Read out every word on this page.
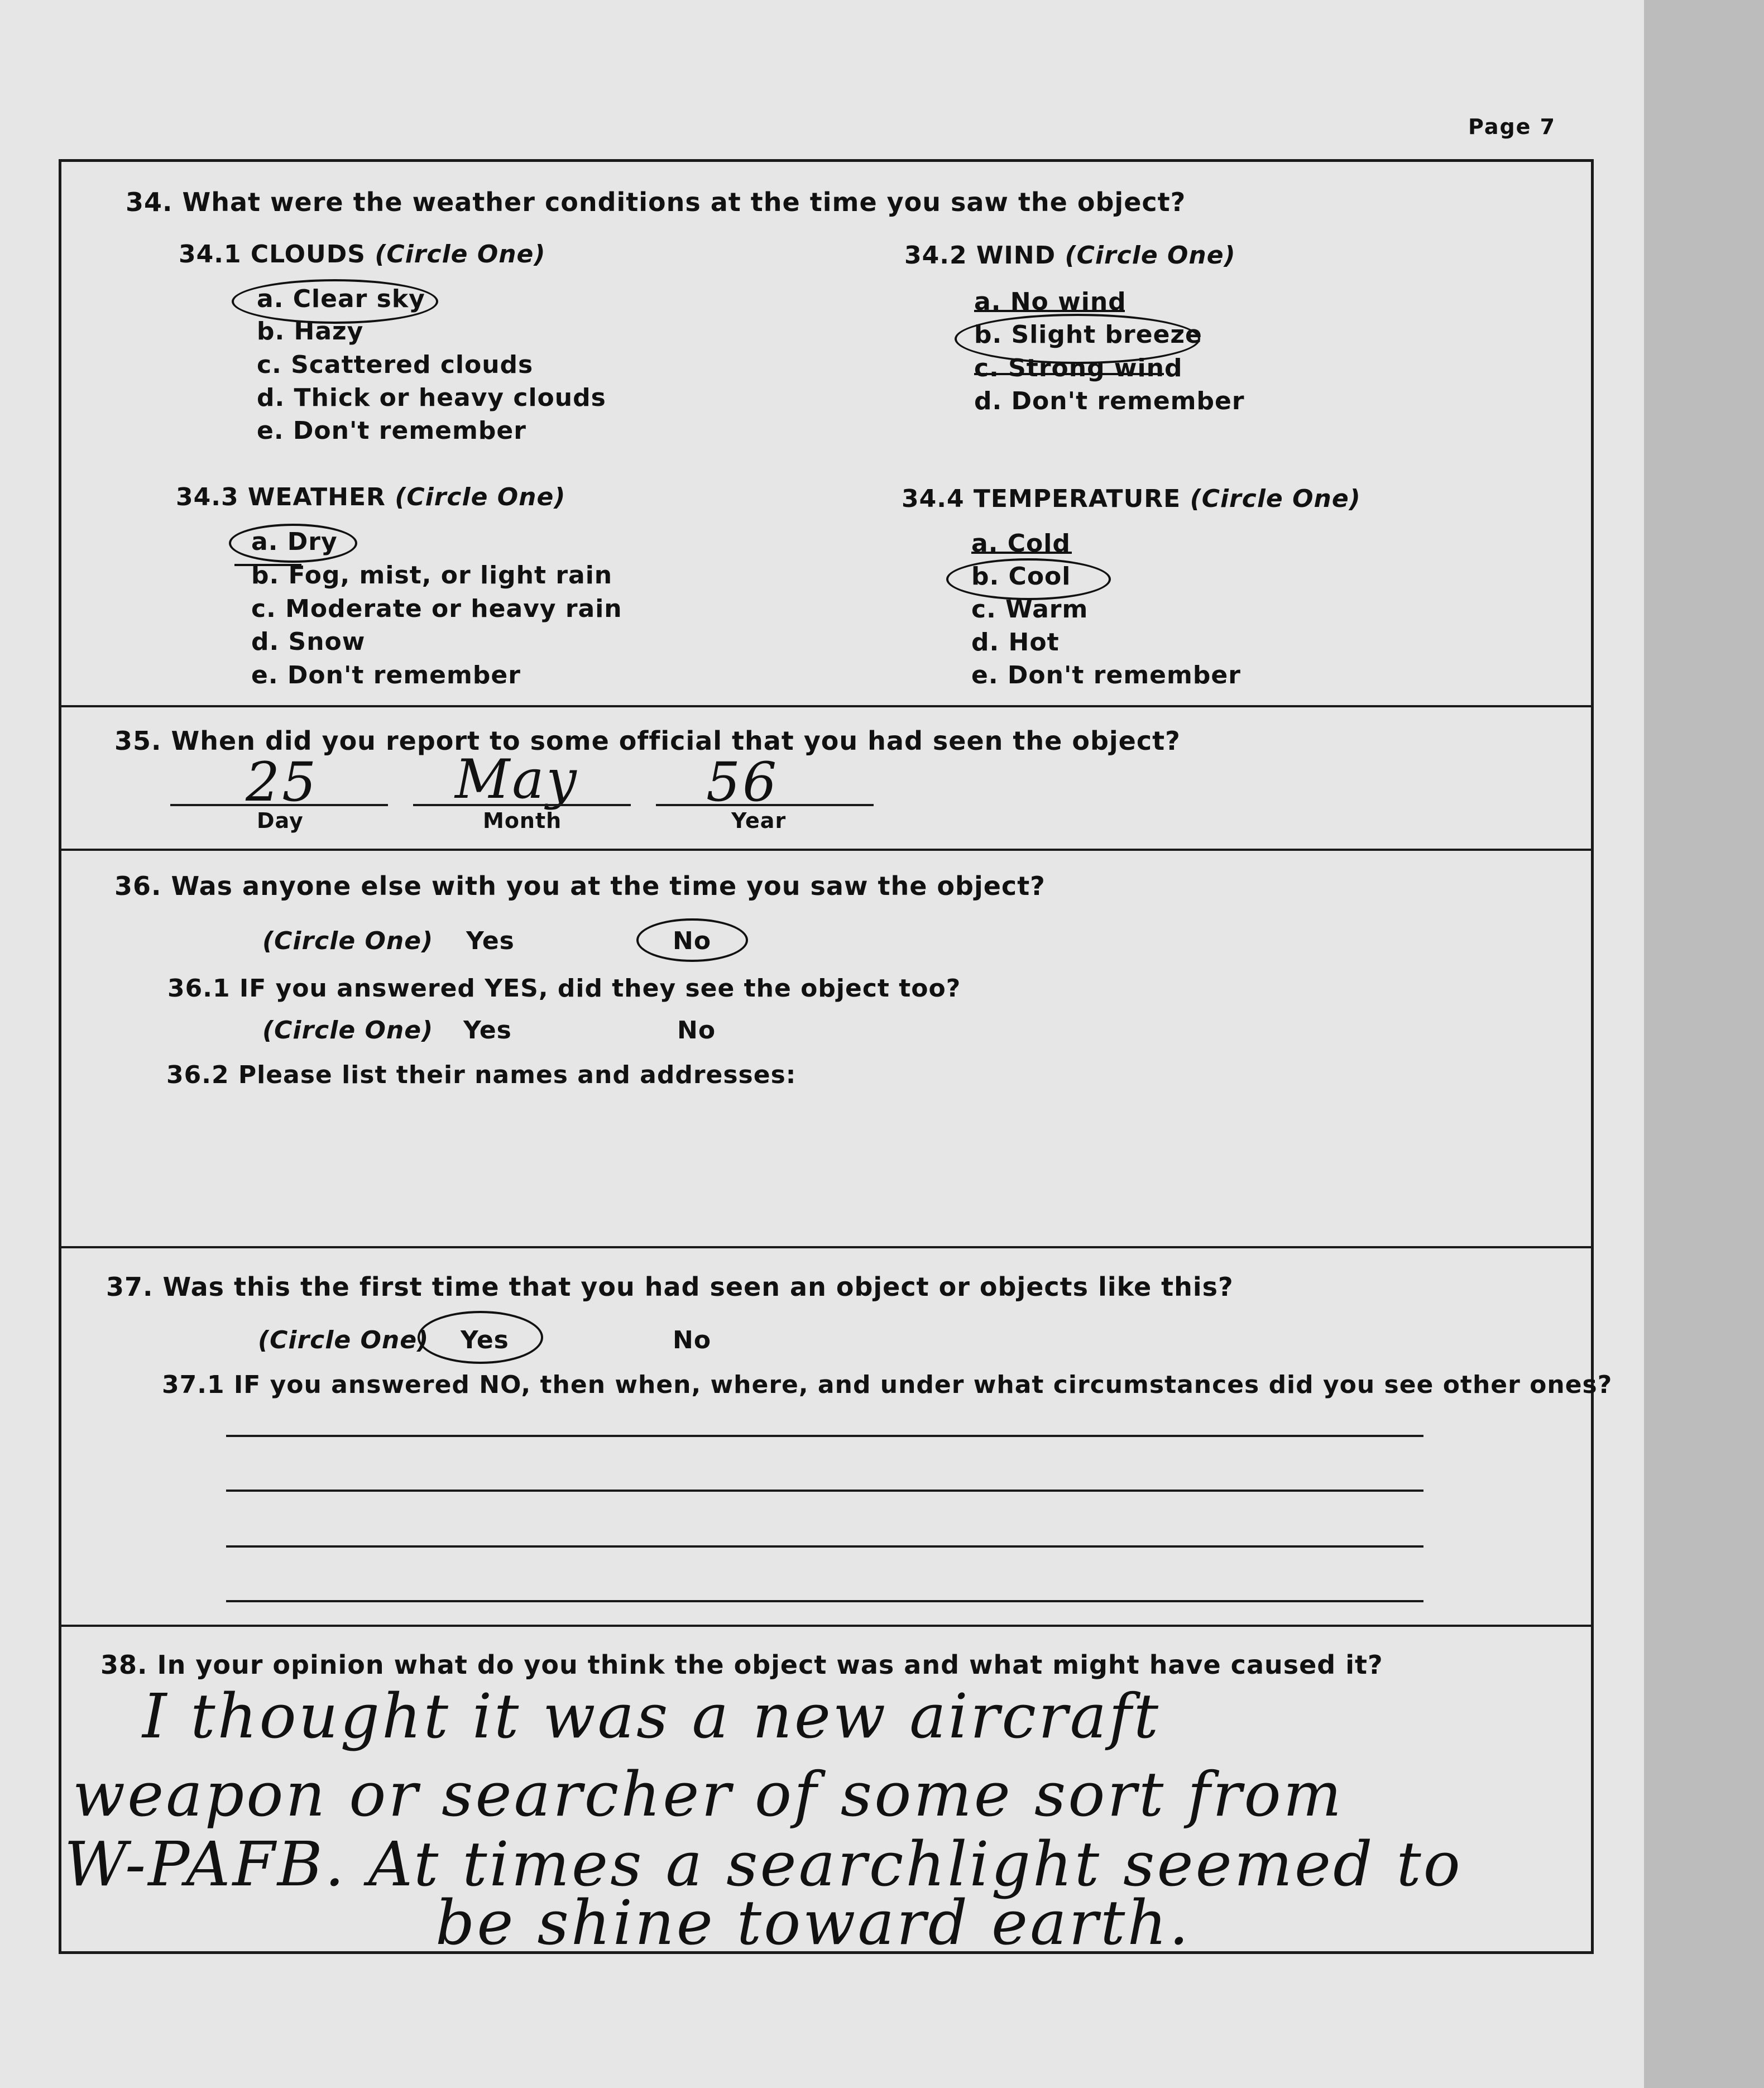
Page 7
34. What were the weather conditions at the time you saw the object?
34.1 CLOUDS (Circle One)
a. Clear sky
b. Hazy
c. Scattered clouds
d. Thick or heavy clouds
e. Don't remember
34.2 WIND (Circle One)
a. No wind
b. Slight breeze
c. Strong wind
d. Don't remember
34.3 WEATHER (Circle One)
a. Dry
b. Fog, mist, or light rain
c. Moderate or heavy rain
d. Snow
e. Don't remember
34.4 TEMPERATURE (Circle One)
a. Cold
b. Cool
c. Warm
d. Hot
e. Don't remember
35. When did you report to some official that you had seen the object?
25	May 56
Day	Month	Year
36. Was anyone else with you at the time you saw the object?
(Circle One) Yes	No
36.1 IF you answered YES, did they see the object too?
(Circle One) Yes	No
36.2 Please list their names and addresses:
37. Was this the first time that you had seen an object or objects like this?
(Circle One) Yes	No
37.1 IF you answered NO, then when, where, and under what circumstances did you see other ones?
38. In your opinion what do you think the object was and what might have caused it?
I thought it was a new aircraft
weapon or searcher of some sort from
W-PAFB. At times a searchlight seemed to
be shine toward earth.
